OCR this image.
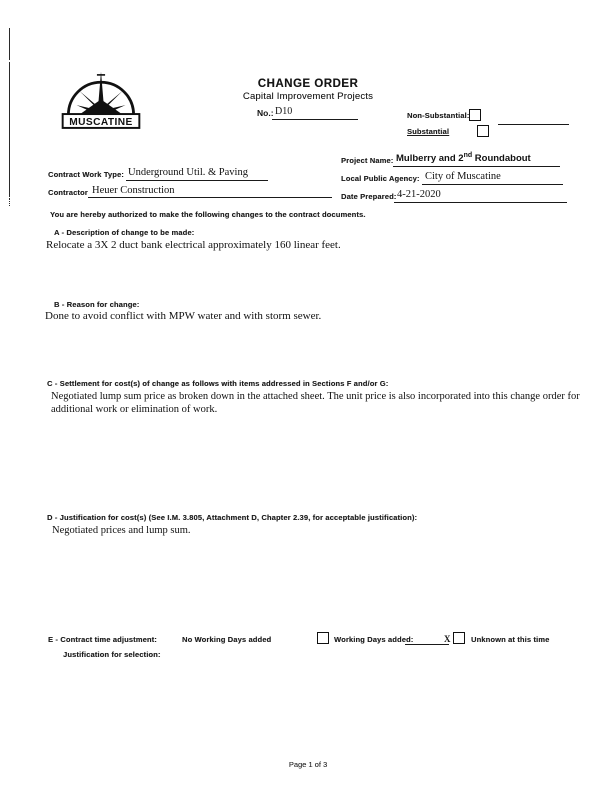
MUSCATINE
CHANGE ORDER
Capital Improvement Projects
No.: D10	Non-Substantial:
Substantial
Project Name: Mulberry and 2nd Roundabout
Local Public Agency: City of Muscatine
Date Prepared: 4-21-2020
Contract Work Type: Underground Util. & Paving
Contractor Heuer Construction
You are hereby authorized to make the following changes to the contract documents.
A - Description of change to be made:
Relocate a 3X 2 duct bank electrical approximately 160 linear feet.
B - Reason for change:
Done to avoid conflict with MPW water and with storm sewer.
C - Settlement for cost(s) of change as follows with items addressed in Sections F and/or G:
Negotiated lump sum price as broken down in the attached sheet. The unit price is also incorporated into this change order for additional work or elimination of work.
D - Justification for cost(s) (See I.M. 3.805, Attachment D, Chapter 2.39, for acceptable justification):
Negotiated prices and lump sum.
E - Contract time adjustment:	No Working Days added	Working Days added:	X	Unknown at this time
Justification for selection:
Page 1 of 3
